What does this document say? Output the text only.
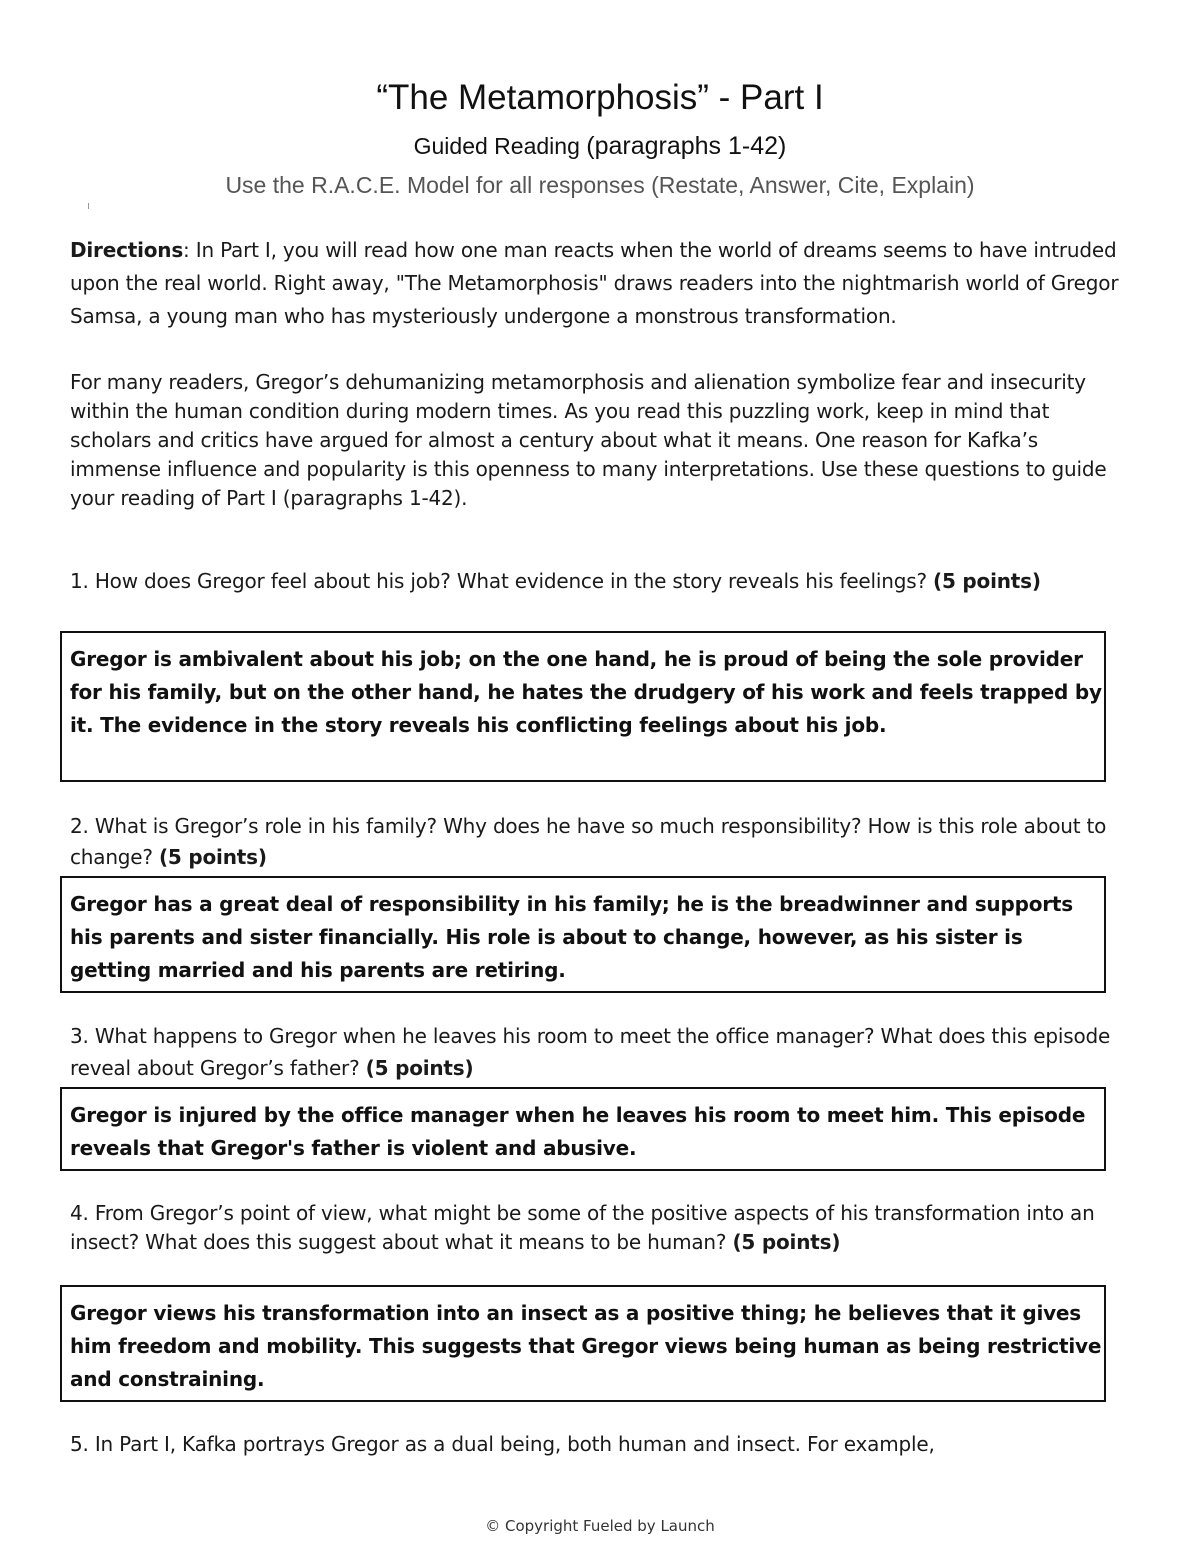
“The Metamorphosis” - Part I
Guided Reading (paragraphs 1-42)
Use the R.A.C.E. Model for all responses (Restate, Answer, Cite, Explain)
Directions: In Part I, you will read how one man reacts when the world of dreams seems to have intruded upon the real world. Right away, "The Metamorphosis" draws readers into the nightmarish world of Gregor Samsa, a young man who has mysteriously undergone a monstrous transformation.
For many readers, Gregor’s dehumanizing metamorphosis and alienation symbolize fear and insecurity within the human condition during modern times. As you read this puzzling work, keep in mind that scholars and critics have argued for almost a century about what it means. One reason for Kafka’s immense influence and popularity is this openness to many interpretations. Use these questions to guide your reading of Part I (paragraphs 1-42).
1. How does Gregor feel about his job? What evidence in the story reveals his feelings? (5 points)
Gregor is ambivalent about his job; on the one hand, he is proud of being the sole provider for his family, but on the other hand, he hates the drudgery of his work and feels trapped by it. The evidence in the story reveals his conflicting feelings about his job.
2. What is Gregor’s role in his family? Why does he have so much responsibility? How is this role about to change? (5 points)
Gregor has a great deal of responsibility in his family; he is the breadwinner and supports his parents and sister financially. His role is about to change, however, as his sister is getting married and his parents are retiring.
3. What happens to Gregor when he leaves his room to meet the office manager? What does this episode reveal about Gregor’s father? (5 points)
Gregor is injured by the office manager when he leaves his room to meet him. This episode reveals that Gregor's father is violent and abusive.
4. From Gregor’s point of view, what might be some of the positive aspects of his transformation into an insect? What does this suggest about what it means to be human? (5 points)
Gregor views his transformation into an insect as a positive thing; he believes that it gives him freedom and mobility. This suggests that Gregor views being human as being restrictive and constraining.
5. In Part I, Kafka portrays Gregor as a dual being, both human and insect. For example,
© Copyright Fueled by Launch
